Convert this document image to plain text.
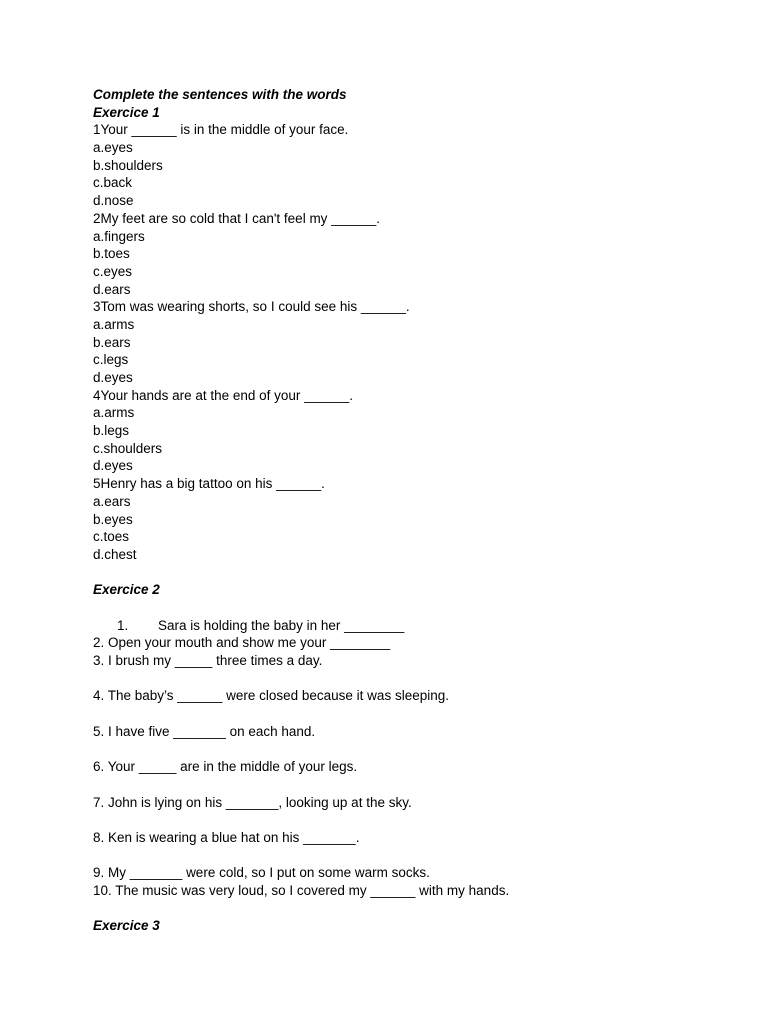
Complete the sentences with the words
Exercice 1
1Your ______ is in the middle of your face.
a.eyes
b.shoulders
c.back
d.nose
2My feet are so cold that I can't feel my ______.
a.fingers
b.toes
c.eyes
d.ears
3Tom was wearing shorts, so I could see his ______.
a.arms
b.ears
c.legs
d.eyes
4Your hands are at the end of your ______.
a.arms
b.legs
c.shoulders
d.eyes
5Henry has a big tattoo on his ______.
a.ears
b.eyes
c.toes
d.chest
Exercice 2

1. Sara is holding the baby in her ________

2. Open your mouth and show me your ________
3. I brush my _____ three times a day.
4. The baby’s ______ were closed because it was sleeping.
5. I have five _______ on each hand.
6. Your _____ are in the middle of your legs.
7. John is lying on his _______, looking up at the sky.
8. Ken is wearing a blue hat on his _______.
9. My _______ were cold, so I put on some warm socks.
10. The music was very loud, so I covered my ______ with my hands.
Exercice 3
